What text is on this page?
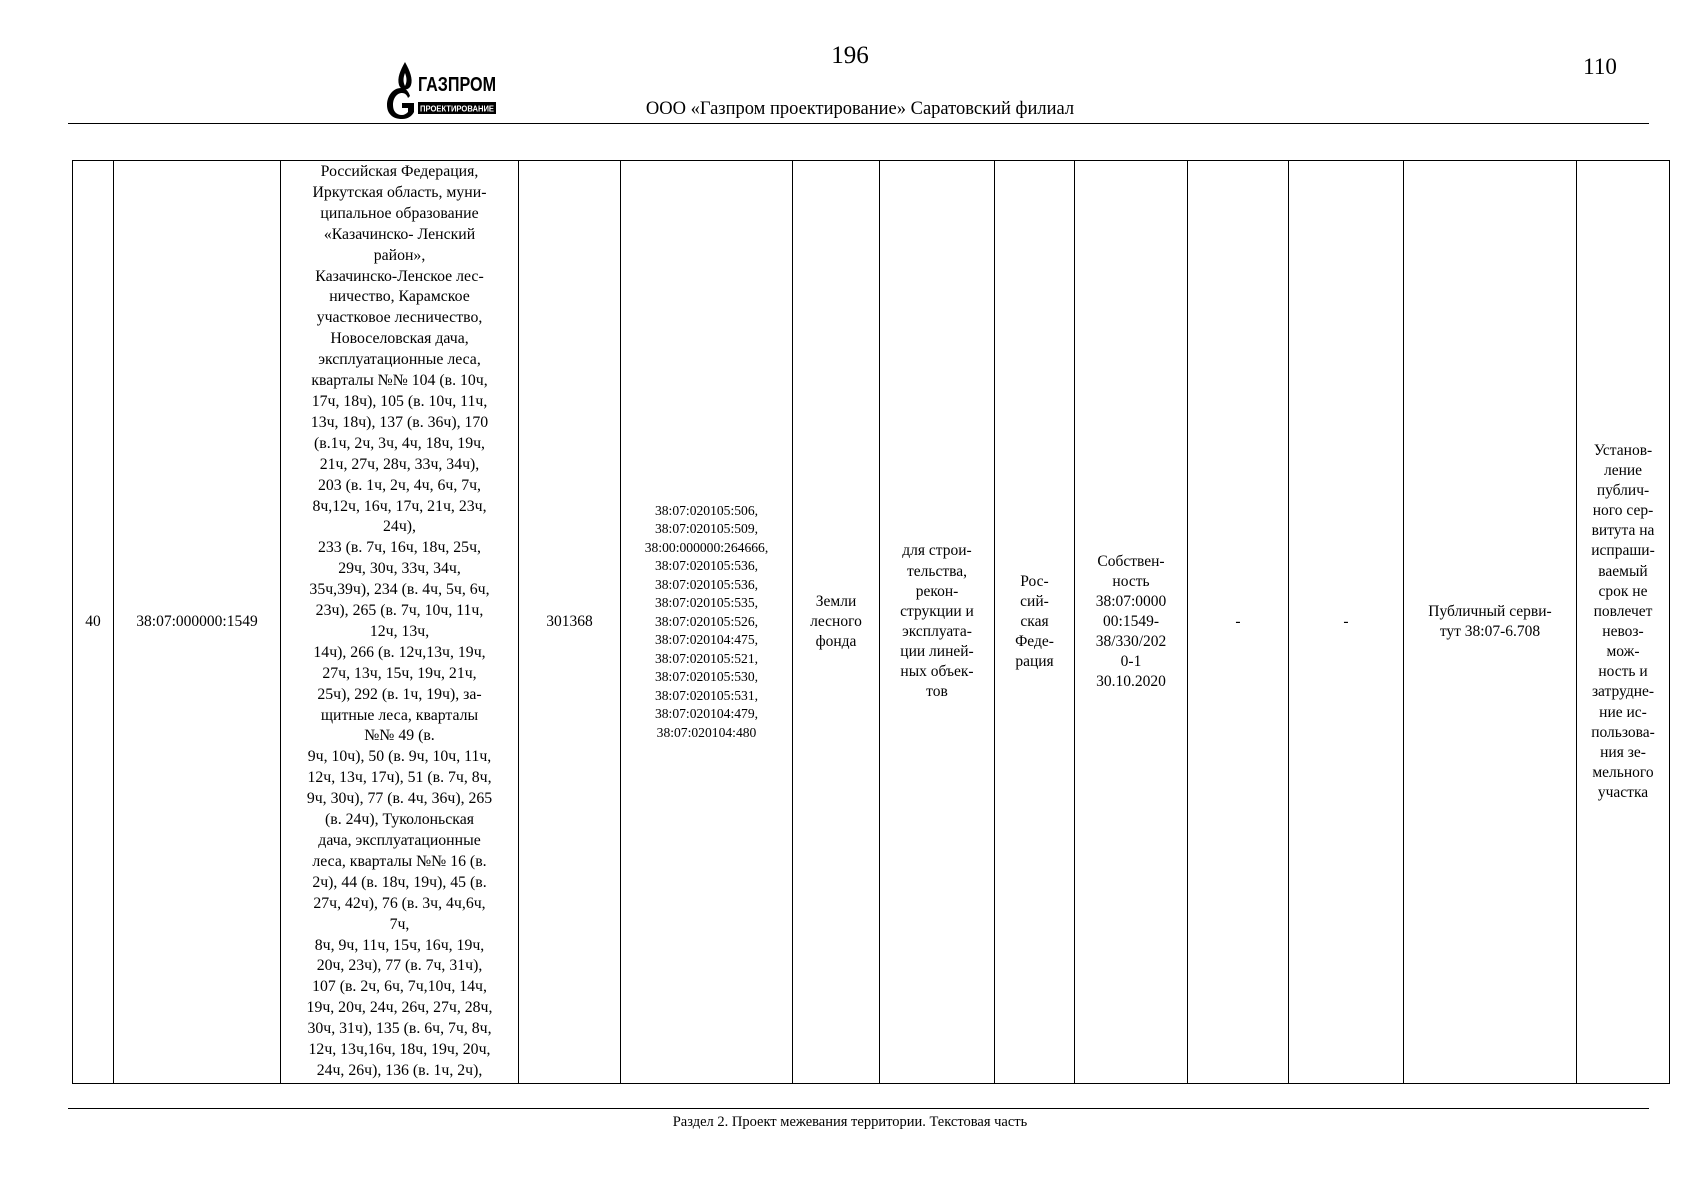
196	110
ГАЗПРОМ
ПРОЕКТИРОВАНИЕ	ООО «Газпром проектирование» Саратовский филиал
40	38:07:000000:1549	
Российская Федерация,
Иркутская область, муни-
ципальное образование
«Казачинско- Ленский
район»,
Казачинско-Ленское лес-
ничество, Карамское
участковое лесничество,
Новоселовская дача,
эксплуатационные леса,
кварталы №№ 104 (в. 10ч,
17ч, 18ч), 105 (в. 10ч, 11ч,
13ч, 18ч), 137 (в. 36ч), 170
(в.1ч, 2ч, 3ч, 4ч, 18ч, 19ч,
21ч, 27ч, 28ч, 33ч, 34ч),
203 (в. 1ч, 2ч, 4ч, 6ч, 7ч,
8ч,12ч, 16ч, 17ч, 21ч, 23ч,
24ч),
233 (в. 7ч, 16ч, 18ч, 25ч,
29ч, 30ч, 33ч, 34ч,
35ч,39ч), 234 (в. 4ч, 5ч, 6ч,
23ч), 265 (в. 7ч, 10ч, 11ч,
12ч, 13ч,
14ч), 266 (в. 12ч,13ч, 19ч,
27ч, 13ч, 15ч, 19ч, 21ч,
25ч), 292 (в. 1ч, 19ч), за-
щитные леса, кварталы
№№ 49 (в.
9ч, 10ч), 50 (в. 9ч, 10ч, 11ч,
12ч, 13ч, 17ч), 51 (в. 7ч, 8ч,
9ч, 30ч), 77 (в. 4ч, 36ч), 265
(в. 24ч), Туколоньская
дача, эксплуатационные
леса, кварталы №№ 16 (в.
2ч), 44 (в. 18ч, 19ч), 45 (в.
27ч, 42ч), 76 (в. 3ч, 4ч,6ч,
7ч,
8ч, 9ч, 11ч, 15ч, 16ч, 19ч,
20ч, 23ч), 77 (в. 7ч, 31ч),
107 (в. 2ч, 6ч, 7ч,10ч, 14ч,
19ч, 20ч, 24ч, 26ч, 27ч, 28ч,
30ч, 31ч), 135 (в. 6ч, 7ч, 8ч,
12ч, 13ч,16ч, 18ч, 19ч, 20ч,
24ч, 26ч), 136 (в. 1ч, 2ч),
	301368	
38:07:020105:506,
38:07:020105:509,
38:00:000000:264666,
38:07:020105:536,
38:07:020105:536,
38:07:020105:535,
38:07:020105:526,
38:07:020104:475,
38:07:020105:521,
38:07:020105:530,
38:07:020105:531,
38:07:020104:479,
38:07:020104:480
	Земли
лесного
фонда	для строи-
тельства,
рекон-
струкции и
эксплуата-
ции линей-
ных объек-
тов	Рос-
сий-
ская
Феде-
рация	Собствен-
ность
38:07:0000
00:1549-
38/330/202
0-1
30.10.2020	-	-	Публичный серви-
тут 38:07-6.708	Установ-
ление
публич-
ного сер-
витута на
испраши-
ваемый
срок не
повлечет
невоз-
мож-
ность и
затрудне-
ние ис-
пользова-
ния зе-
мельного
участка
Раздел 2. Проект межевания территории. Текстовая часть
